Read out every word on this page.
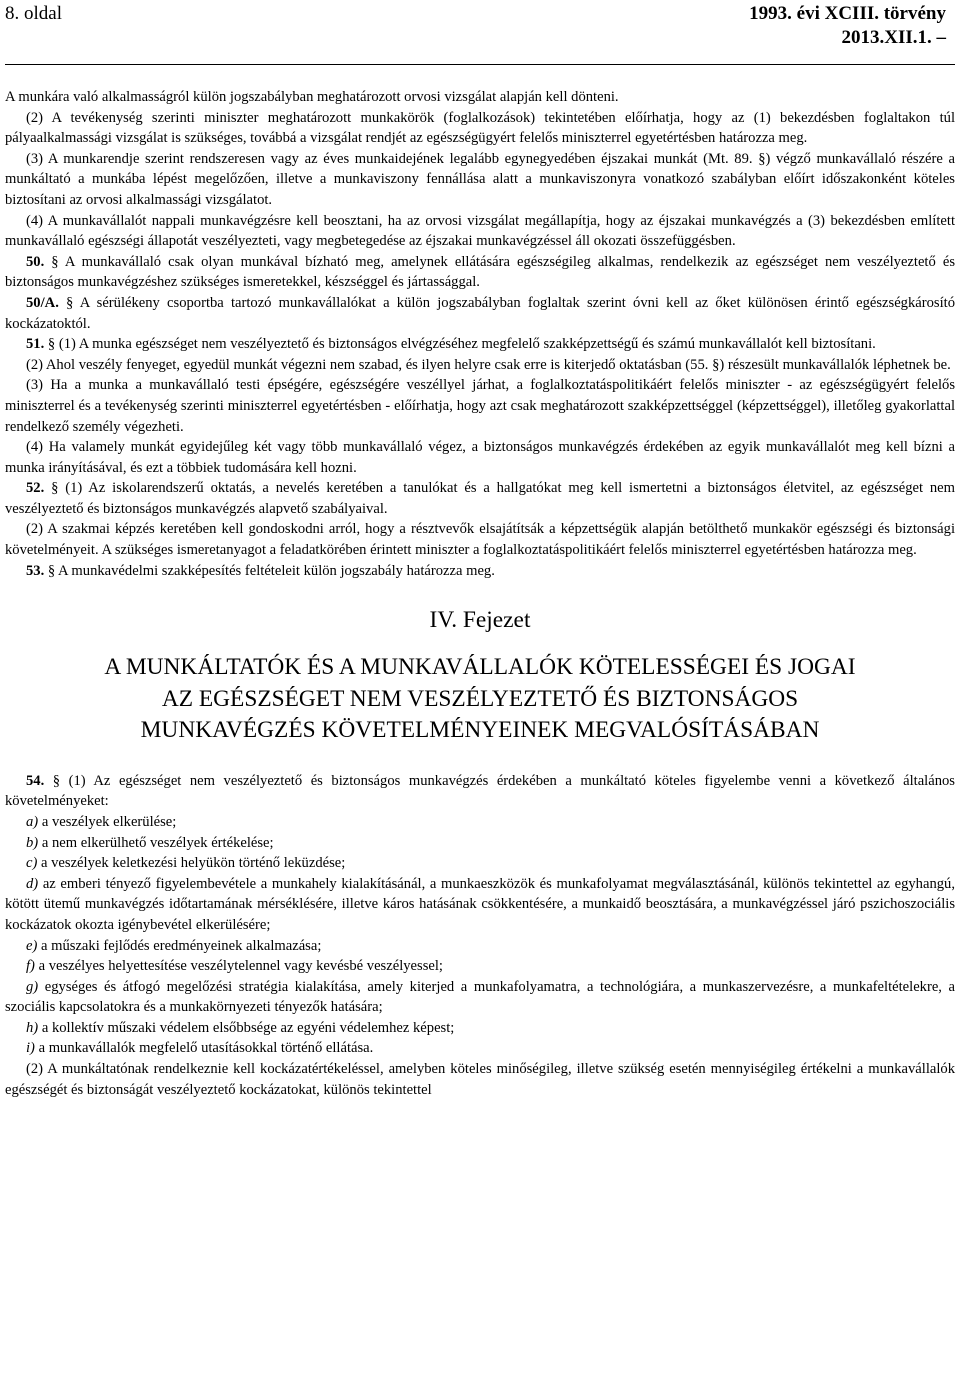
8. oldal	1993. évi XCIII. törvény
2013.XII.1. –

A munkára való alkalmasságról külön jogszabályban meghatározott orvosi vizsgálat alapján kell dönteni.

(2) A tevékenység szerinti miniszter meghatározott munkakörök (foglalkozások) tekintetében előírhatja, hogy az (1) bekezdésben foglaltakon túl pályaalkalmassági vizsgálat is szükséges, továbbá a vizsgálat rendjét az egészségügyért felelős miniszterrel egyetértésben határozza meg.

(3) A munkarendje szerint rendszeresen vagy az éves munkaidejének legalább egynegyedében éjszakai munkát (Mt. 89. §) végző munkavállaló részére a munkáltató a munkába lépést megelőzően, illetve a munkaviszony fennállása alatt a munkaviszonyra vonatkozó szabályban előírt időszakonként köteles biztosítani az orvosi alkalmassági vizsgálatot.

(4) A munkavállalót nappali munkavégzésre kell beosztani, ha az orvosi vizsgálat megállapítja, hogy az éjszakai munkavégzés a (3) bekezdésben említett munkavállaló egészségi állapotát veszélyezteti, vagy megbetegedése az éjszakai munkavégzéssel áll okozati összefüggésben.

50. § A munkavállaló csak olyan munkával bízható meg, amelynek ellátására egészségileg alkalmas, rendelkezik az egészséget nem veszélyeztető és biztonságos munkavégzéshez szükséges ismeretekkel, készséggel és jártassággal.

50/A. § A sérülékeny csoportba tartozó munkavállalókat a külön jogszabályban foglaltak szerint óvni kell az őket különösen érintő egészségkárosító kockázatoktól.

51. § (1) A munka egészséget nem veszélyeztető és biztonságos elvégzéséhez megfelelő szakképzettségű és számú munkavállalót kell biztosítani.

(2) Ahol veszély fenyeget, egyedül munkát végezni nem szabad, és ilyen helyre csak erre is kiterjedő oktatásban (55. §) részesült munkavállalók léphetnek be.

(3) Ha a munka a munkavállaló testi épségére, egészségére veszéllyel járhat, a foglalkoztatáspolitikáért felelős miniszter - az egészségügyért felelős miniszterrel és a tevékenység szerinti miniszterrel egyetértésben - előírhatja, hogy azt csak meghatározott szakképzettséggel (képzettséggel), illetőleg gyakorlattal rendelkező személy végezheti.

(4) Ha valamely munkát egyidejűleg két vagy több munkavállaló végez, a biztonságos munkavégzés érdekében az egyik munkavállalót meg kell bízni a munka irányításával, és ezt a többiek tudomására kell hozni.

52. § (1) Az iskolarendszerű oktatás, a nevelés keretében a tanulókat és a hallgatókat meg kell ismertetni a biztonságos életvitel, az egészséget nem veszélyeztető és biztonságos munkavégzés alapvető szabályaival.

(2) A szakmai képzés keretében kell gondoskodni arról, hogy a résztvevők elsajátítsák a képzettségük alapján betölthető munkakör egészségi és biztonsági követelményeit. A szükséges ismeretanyagot a feladatkörében érintett miniszter a foglalkoztatáspolitikáért felelős miniszterrel egyetértésben határozza meg.

53. § A munkavédelmi szakképesítés feltételeit külön jogszabály határozza meg.

IV. Fejezet

A MUNKÁLTATÓK ÉS A MUNKAVÁLLALÓK KÖTELESSÉGEI ÉS JOGAI
AZ EGÉSZSÉGET NEM VESZÉLYEZTETŐ ÉS BIZTONSÁGOS
MUNKAVÉGZÉS KÖVETELMÉNYEINEK MEGVALÓSÍTÁSÁBAN

54. § (1) Az egészséget nem veszélyeztető és biztonságos munkavégzés érdekében a munkáltató köteles figyelembe venni a következő általános követelményeket:

a) a veszélyek elkerülése;

b) a nem elkerülhető veszélyek értékelése;

c) a veszélyek keletkezési helyükön történő leküzdése;

d) az emberi tényező figyelembevétele a munkahely kialakításánál, a munkaeszközök és munkafolyamat megválasztásánál, különös tekintettel az egyhangú, kötött ütemű munkavégzés időtartamának mérséklésére, illetve káros hatásának csökkentésére, a munkaidő beosztására, a munkavégzéssel járó pszichoszociális kockázatok okozta igénybevétel elkerülésére;

e) a műszaki fejlődés eredményeinek alkalmazása;

f) a veszélyes helyettesítése veszélytelennel vagy kevésbé veszélyessel;

g) egységes és átfogó megelőzési stratégia kialakítása, amely kiterjed a munkafolyamatra, a technológiára, a munkaszervezésre, a munkafeltételekre, a szociális kapcsolatokra és a munkakörnyezeti tényezők hatására;

h) a kollektív műszaki védelem elsőbbsége az egyéni védelemhez képest;

i) a munkavállalók megfelelő utasításokkal történő ellátása.

(2) A munkáltatónak rendelkeznie kell kockázatértékeléssel, amelyben köteles minőségileg, illetve szükség esetén mennyiségileg értékelni a munkavállalók egészségét és biztonságát veszélyeztető kockázatokat, különös tekintettel
